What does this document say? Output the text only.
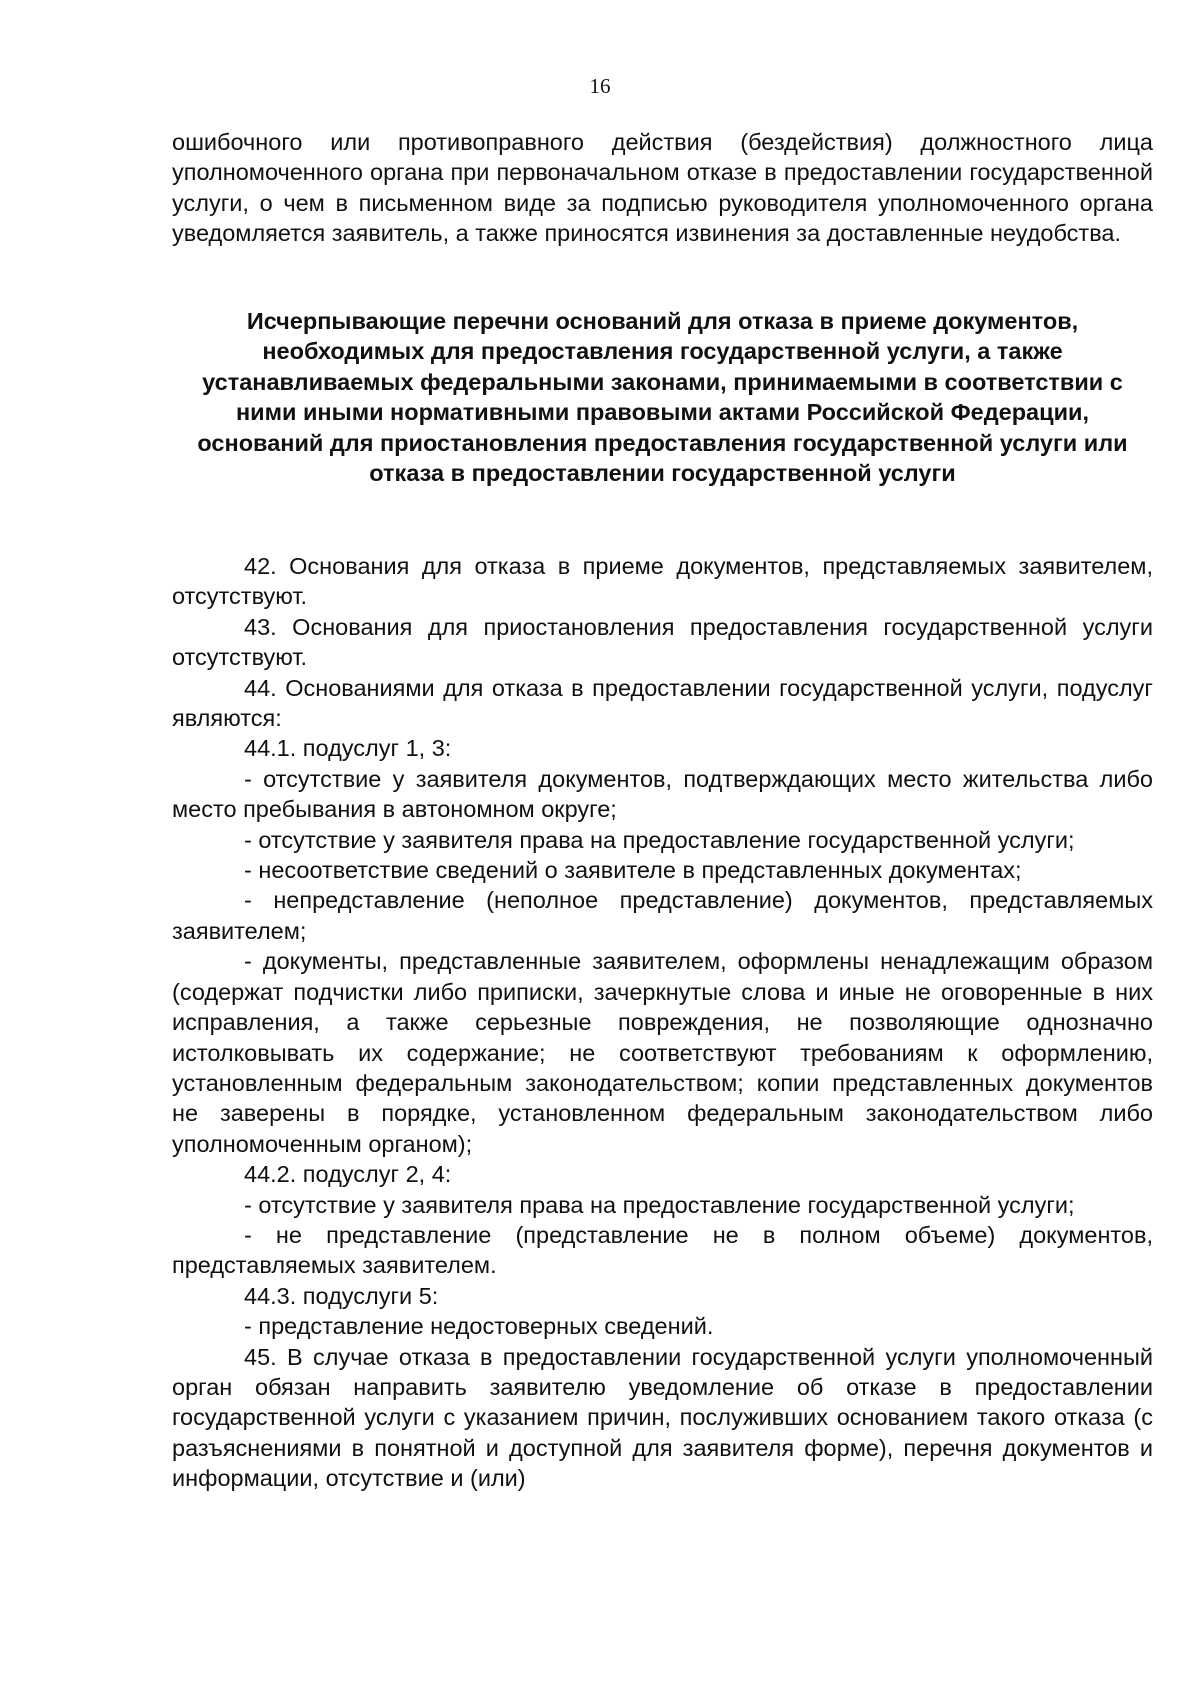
16

ошибочного или противоправного действия (бездействия) должностного лица уполномоченного органа при первоначальном отказе в предоставлении государственной услуги, о чем в письменном виде за подписью руководителя уполномоченного органа уведомляется заявитель, а также приносятся извинения за доставленные неудобства.

Исчерпывающие перечни оснований для отказа в приеме документов, необходимых для предоставления государственной услуги, а также устанавливаемых федеральными законами, принимаемыми в соответствии с ними иными нормативными правовыми актами Российской Федерации, оснований для приостановления предоставления государственной услуги или отказа в предоставлении государственной услуги

42. Основания для отказа в приеме документов, представляемых заявителем, отсутствуют.

43. Основания для приостановления предоставления государственной услуги отсутствуют.

44. Основаниями для отказа в предоставлении государственной услуги, подуслуг являются:

44.1. подуслуг 1, 3:

- отсутствие у заявителя документов, подтверждающих место жительства либо место пребывания в автономном округе;

- отсутствие у заявителя права на предоставление государственной услуги;

- несоответствие сведений о заявителе в представленных документах;

- непредставление (неполное представление) документов, представляемых заявителем;

- документы, представленные заявителем, оформлены ненадлежащим образом (содержат подчистки либо приписки, зачеркнутые слова и иные не оговоренные в них исправления, а также серьезные повреждения, не позволяющие однозначно истолковывать их содержание; не соответствуют требованиям к оформлению, установленным федеральным законодательством; копии представленных документов не заверены в порядке, установленном федеральным законодательством либо уполномоченным органом);

44.2. подуслуг 2, 4:

- отсутствие у заявителя права на предоставление государственной услуги;

- не представление (представление не в полном объеме) документов, представляемых заявителем.

44.3. подуслуги 5:

- представление недостоверных сведений.

45. В случае отказа в предоставлении государственной услуги уполномоченный орган обязан направить заявителю уведомление об отказе в предоставлении государственной услуги с указанием причин, послуживших основанием такого отказа (с разъяснениями в понятной и доступной для заявителя форме), перечня документов и информации, отсутствие и (или)
